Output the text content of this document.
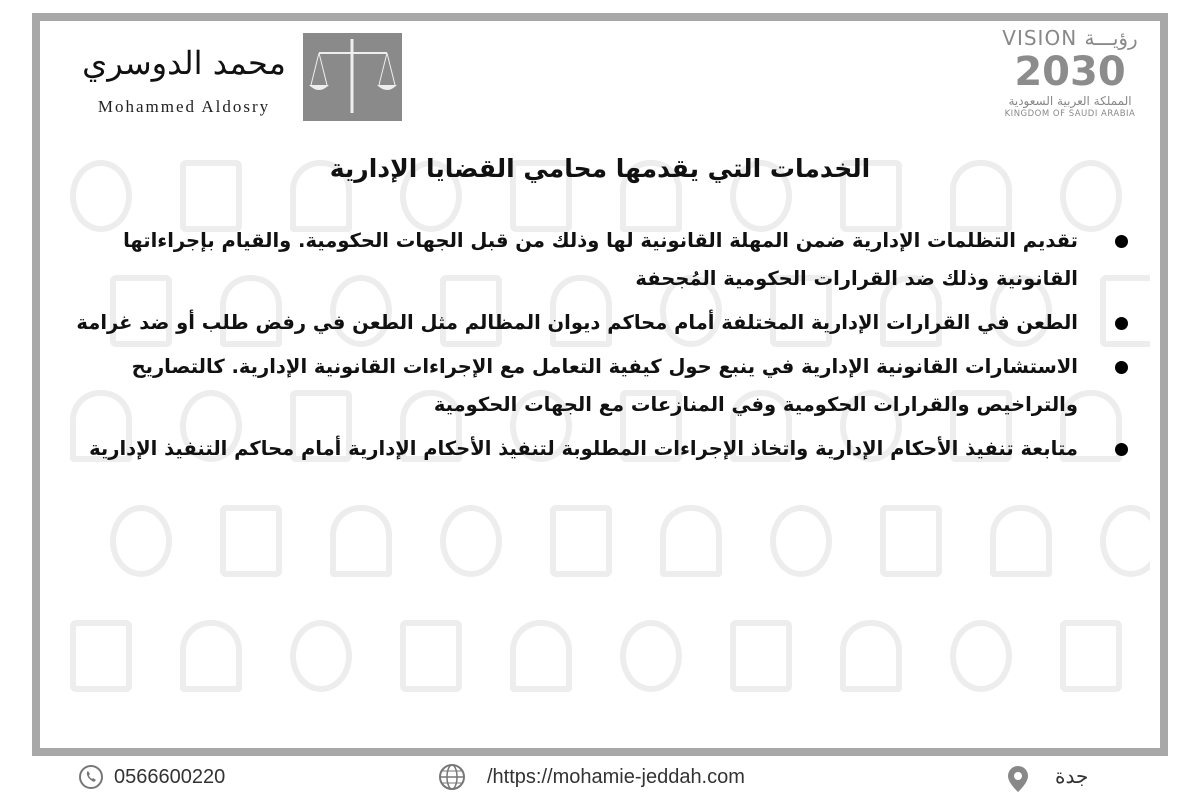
محمد الدوسري
Mohammed Aldosry
VISION رؤيـــة
2030
المملكة العربية السعودية
KINGDOM OF SAUDI ARABIA
الخدمات التي يقدمها محامي القضايا الإدارية
تقديم التظلمات الإدارية ضمن المهلة القانونية لها وذلك من قبل الجهات الحكومية. والقيام بإجراءاتها القانونية وذلك ضد القرارات الحكومية المُجحفة
الطعن في القرارات الإدارية المختلفة أمام محاكم ديوان المظالم مثل الطعن في رفض طلب أو ضد غرامة
الاستشارات القانونية الإدارية في ينبع حول كيفية التعامل مع الإجراءات القانونية الإدارية. كالتصاريح والتراخيص والقرارات الحكومية وفي المنازعات مع الجهات الحكومية
متابعة تنفيذ الأحكام الإدارية واتخاذ الإجراءات المطلوبة لتنفيذ الأحكام الإدارية أمام محاكم التنفيذ الإدارية
0566600220	/https://mohamie-jeddah.com	جدة
